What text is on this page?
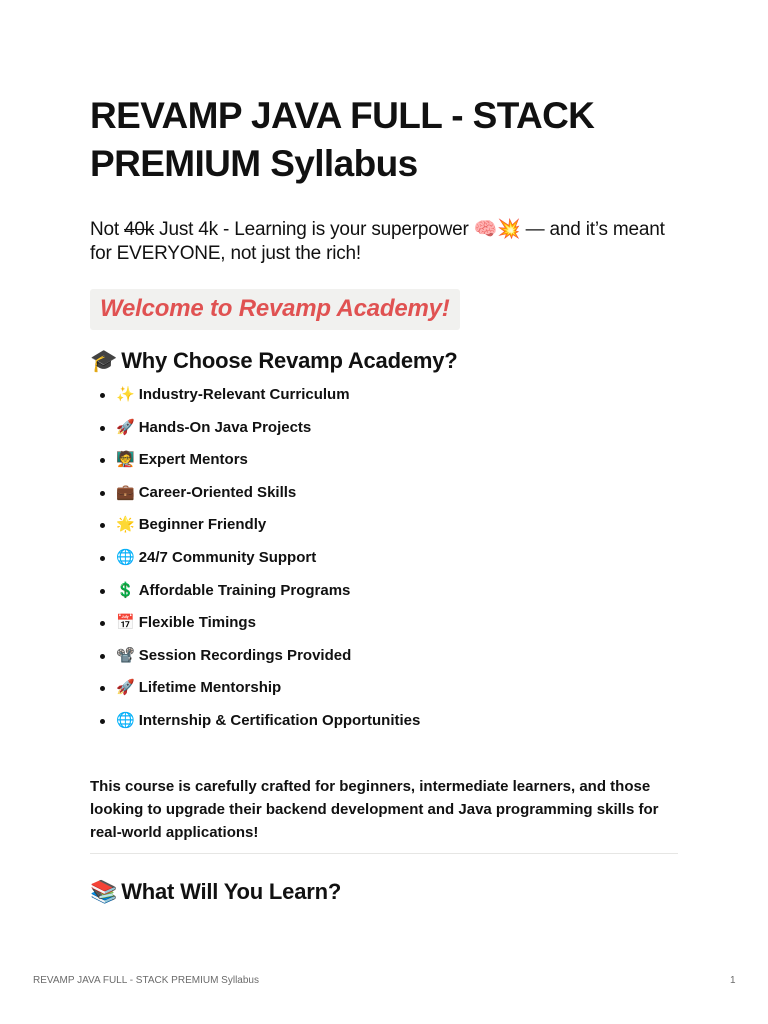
REVAMP JAVA FULL - STACK PREMIUM Syllabus

Not 40k Just 4k - Learning is your superpower 🧠💥 — and it’s meant for EVERYONE, not just the rich!

Welcome to Revamp Academy!
🎓 Why Choose Revamp Academy?
✨ Industry-Relevant Curriculum
🚀 Hands-On Java Projects
🧑‍🏫 Expert Mentors
💼 Career-Oriented Skills
🌟 Beginner Friendly
🌐 24/7 Community Support
💲 Affordable Training Programs
📅 Flexible Timings
📽️ Session Recordings Provided
🚀 Lifetime Mentorship
🌐 Internship & Certification Opportunities

This course is carefully crafted for beginners, intermediate learners, and those looking to upgrade their backend development and Java programming skills for real-world applications!

📚 What Will You Learn?
REVAMP JAVA FULL - STACK PREMIUM Syllabus	1
